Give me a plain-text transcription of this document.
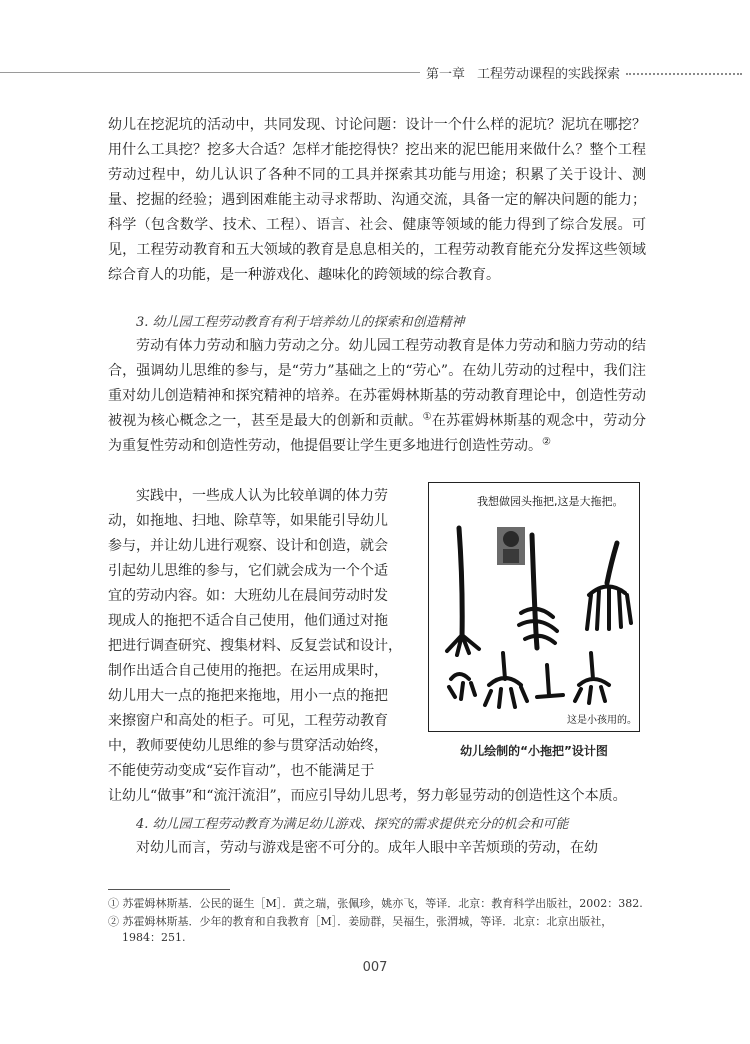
第一章 工程劳动课程的实践探索

幼儿在挖泥坑的活动中，共同发现、讨论问题：设计一个什么样的泥坑？泥坑在哪挖？用什么工具挖？挖多大合适？怎样才能挖得快？挖出来的泥巴能用来做什么？整个工程劳动过程中，幼儿认识了各种不同的工具并探索其功能与用途；积累了关于设计、测量、挖掘的经验；遇到困难能主动寻求帮助、沟通交流，具备一定的解决问题的能力；科学（包含数学、技术、工程）、语言、社会、健康等领域的能力得到了综合发展。可见，工程劳动教育和五大领域的教育是息息相关的，工程劳动教育能充分发挥这些领域综合育人的功能，是一种游戏化、趣味化的跨领域的综合教育。

3. 幼儿园工程劳动教育有利于培养幼儿的探索和创造精神

劳动有体力劳动和脑力劳动之分。幼儿园工程劳动教育是体力劳动和脑力劳动的结合，强调幼儿思维的参与，是“劳力”基础之上的“劳心”。在幼儿劳动的过程中，我们注重对幼儿创造精神和探究精神的培养。在苏霍姆林斯基的劳动教育理论中，创造性劳动被视为核心概念之一，甚至是最大的创新和贡献。①在苏霍姆林斯基的观念中，劳动分为重复性劳动和创造性劳动，他提倡要让学生更多地进行创造性劳动。②

实践中，一些成人认为比较单调的体力劳
动，如拖地、扫地、除草等，如果能引导幼儿
参与，并让幼儿进行观察、设计和创造，就会
引起幼儿思维的参与，它们就会成为一个个适
宜的劳动内容。如：大班幼儿在晨间劳动时发
现成人的拖把不适合自己使用，他们通过对拖
把进行调查研究、搜集材料、反复尝试和设计，
制作出适合自己使用的拖把。在运用成果时，
幼儿用大一点的拖把来拖地，用小一点的拖把
来擦窗户和高处的柜子。可见，工程劳动教育
中，教师要使幼儿思维的参与贯穿活动始终，
不能使劳动变成“妄作盲动”，也不能满足于

让幼儿“做事”和“流汗流泪”，而应引导幼儿思考，努力彰显劳动的创造性这个本质。

4. 幼儿园工程劳动教育为满足幼儿游戏、探究的需求提供充分的机会和可能

对幼儿而言，劳动与游戏是密不可分的。成年人眼中辛苦烦琐的劳动，在幼

我想做园头拖把,这是大拖把。
这是小孩用的。
幼儿绘制的“小拖把”设计图

① 苏霍姆林斯基．公民的诞生［M］．黄之瑞，张佩珍，姚亦飞，等译．北京：教育科学出版社，2002：382.

② 苏霍姆林斯基．少年的教育和自我教育［M］．姜励群，吴福生，张渭城，等译．北京：北京出版社，

1984：251.

007
